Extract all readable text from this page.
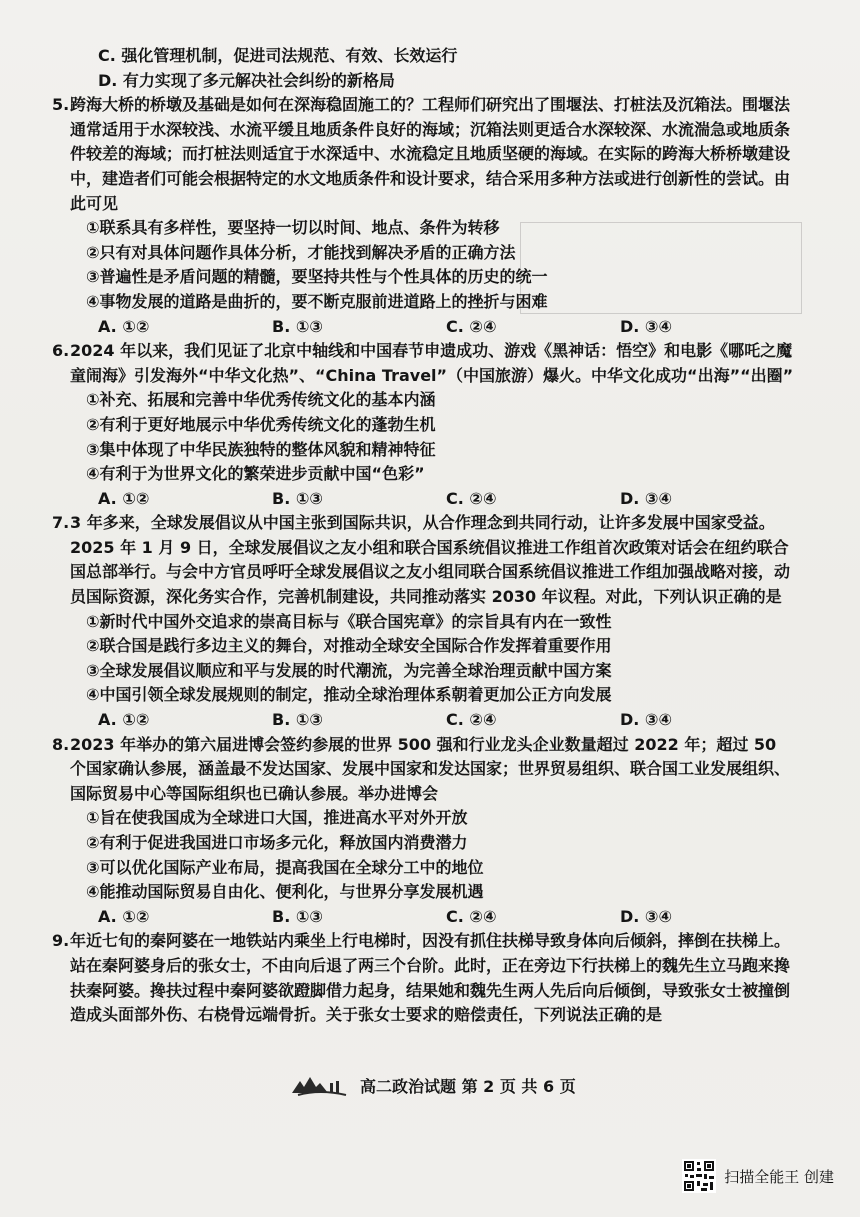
C. 强化管理机制，促进司法规范、有效、长效运行

D. 有力实现了多元解决社会纠纷的新格局

5. 跨海大桥的桥墩及基础是如何在深海稳固施工的？工程师们研究出了围堰法、打桩法及沉箱法。围堰法通常适用于水深较浅、水流平缓且地质条件良好的海域；沉箱法则更适合水深较深、水流湍急或地质条件较差的海域；而打桩法则适宜于水深适中、水流稳定且地质坚硬的海域。在实际的跨海大桥桥墩建设中，建造者们可能会根据特定的水文地质条件和设计要求，结合采用多种方法或进行创新性的尝试。由此可见

①联系具有多样性，要坚持一切以时间、地点、条件为转移

②只有对具体问题作具体分析，才能找到解决矛盾的正确方法

③普遍性是矛盾问题的精髓，要坚持共性与个性具体的历史的统一

④事物发展的道路是曲折的，要不断克服前进道路上的挫折与困难

A. ①②	B. ①③	C. ②④	D. ③④
6. 2024 年以来，我们见证了北京中轴线和中国春节申遗成功、游戏《黑神话：悟空》和电影《哪吒之魔童闹海》引发海外“中华文化热”、“China Travel”（中国旅游）爆火。中华文化成功“出海”“出圈”

①补充、拓展和完善中华优秀传统文化的基本内涵

②有利于更好地展示中华优秀传统文化的蓬勃生机

③集中体现了中华民族独特的整体风貌和精神特征

④有利于为世界文化的繁荣进步贡献中国“色彩”

A. ①②	B. ①③	C. ②④	D. ③④
7. 3 年多来，全球发展倡议从中国主张到国际共识，从合作理念到共同行动，让许多发展中国家受益。2025 年 1 月 9 日，全球发展倡议之友小组和联合国系统倡议推进工作组首次政策对话会在纽约联合国总部举行。与会中方官员呼吁全球发展倡议之友小组同联合国系统倡议推进工作组加强战略对接，动员国际资源，深化务实合作，完善机制建设，共同推动落实 2030 年议程。对此，下列认识正确的是

①新时代中国外交追求的崇高目标与《联合国宪章》的宗旨具有内在一致性

②联合国是践行多边主义的舞台，对推动全球安全国际合作发挥着重要作用

③全球发展倡议顺应和平与发展的时代潮流，为完善全球治理贡献中国方案

④中国引领全球发展规则的制定，推动全球治理体系朝着更加公正方向发展

A. ①②	B. ①③	C. ②④	D. ③④
8. 2023 年举办的第六届进博会签约参展的世界 500 强和行业龙头企业数量超过 2022 年；超过 50 个国家确认参展，涵盖最不发达国家、发展中国家和发达国家；世界贸易组织、联合国工业发展组织、国际贸易中心等国际组织也已确认参展。举办进博会

①旨在使我国成为全球进口大国，推进高水平对外开放

②有利于促进我国进口市场多元化，释放国内消费潜力

③可以优化国际产业布局，提高我国在全球分工中的地位

④能推动国际贸易自由化、便利化，与世界分享发展机遇

A. ①②	B. ①③	C. ②④	D. ③④
9. 年近七旬的秦阿婆在一地铁站内乘坐上行电梯时，因没有抓住扶梯导致身体向后倾斜，摔倒在扶梯上。站在秦阿婆身后的张女士，不由向后退了两三个台阶。此时，正在旁边下行扶梯上的魏先生立马跑来搀扶秦阿婆。搀扶过程中秦阿婆欲蹬脚借力起身，结果她和魏先生两人先后向后倾倒，导致张女士被撞倒造成头面部外伤、右桡骨远端骨折。关于张女士要求的赔偿责任，下列说法正确的是

高二政治试题 第 2 页 共 6 页
扫描全能王 创建
